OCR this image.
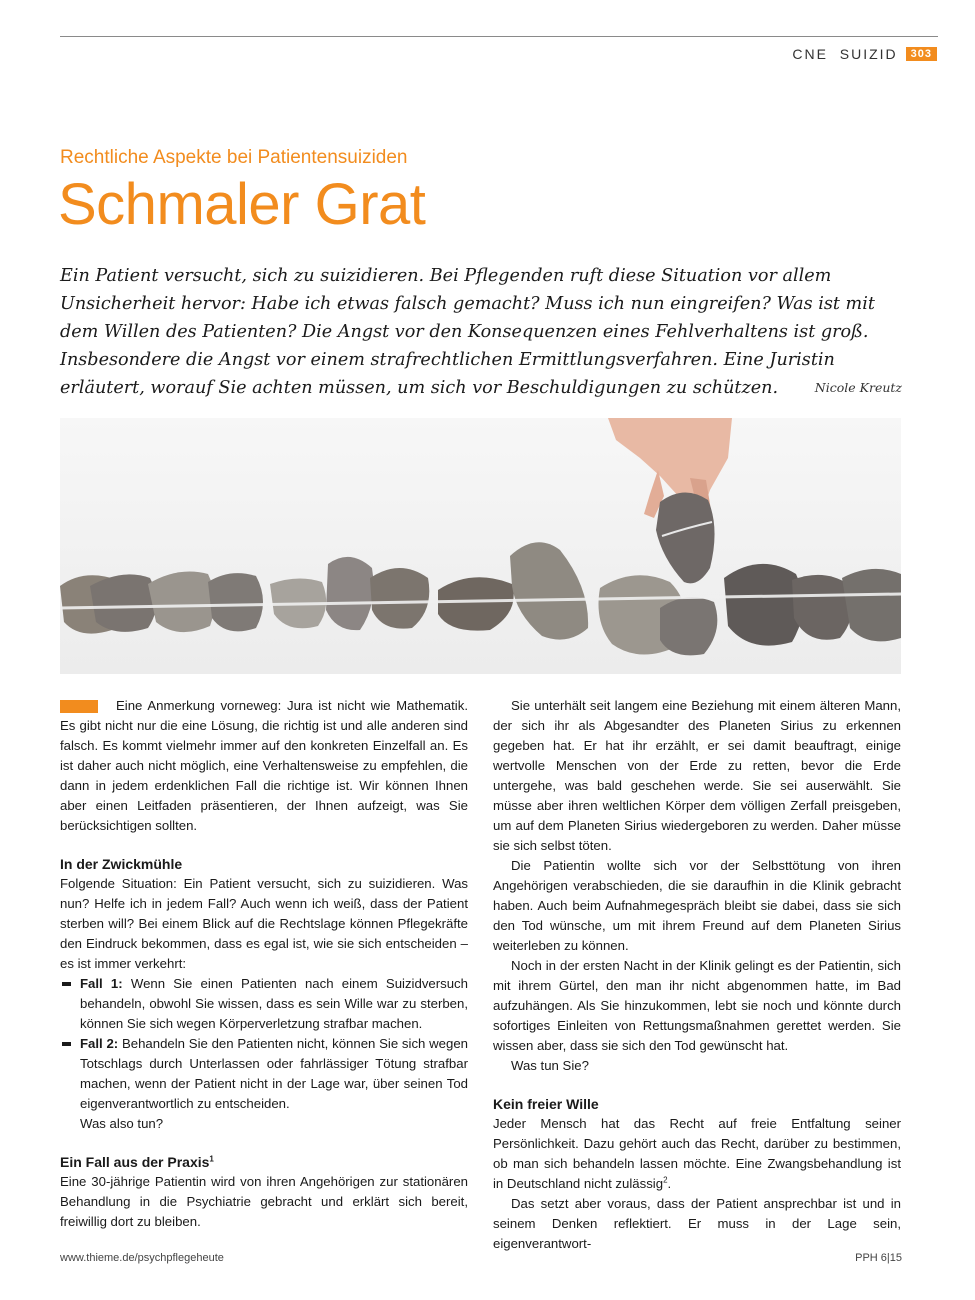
CNE  SUIZID	303
Rechtliche Aspekte bei Patientensuiziden
Schmaler Grat
Ein Patient versucht, sich zu suizidieren. Bei Pflegenden ruft diese Situation vor allem Unsicherheit hervor: Habe ich etwas falsch gemacht? Muss ich nun eingreifen? Was ist mit dem Willen des Patienten? Die Angst vor den Konsequenzen eines Fehlverhaltens ist groß. Insbesondere die Angst vor einem strafrechtlichen Ermittlungsverfahren. Eine Juristin erläutert, worauf Sie achten müssen, um sich vor Beschuldigungen zu schützen.	Nicole Kreutz

Eine Anmerkung vorneweg: Jura ist nicht wie Mathematik. Es gibt nicht nur die eine Lösung, die richtig ist und alle anderen sind falsch. Es kommt vielmehr immer auf den konkreten Einzelfall an. Es ist daher auch nicht möglich, eine Verhaltensweise zu empfehlen, die dann in jedem erdenklichen Fall die richtige ist. Wir können Ihnen aber einen Leitfaden präsentieren, der Ihnen aufzeigt, was Sie berücksichtigen sollten.

In der Zwickmühle

Folgende Situation: Ein Patient versucht, sich zu suizidieren. Was nun? Helfe ich in jedem Fall? Auch wenn ich weiß, dass der Patient sterben will? Bei einem Blick auf die Rechtslage können Pflegekräfte den Eindruck bekommen, dass es egal ist, wie sie sich entscheiden – es ist immer verkehrt:

Fall 1: Wenn Sie einen Patienten nach einem Suizidversuch behandeln, obwohl Sie wissen, dass es sein Wille war zu sterben, können Sie sich wegen Körperverletzung strafbar machen.
Fall 2: Behandeln Sie den Patienten nicht, können Sie sich wegen Totschlags durch Unterlassen oder fahrlässiger Tötung strafbar machen, wenn der Patient nicht in der Lage war, über seinen Tod eigenverantwortlich zu entscheiden.

Was also tun?

Ein Fall aus der Praxis$^1$

Eine 30-jährige Patientin wird von ihren Angehörigen zur stationären Behandlung in die Psychiatrie gebracht und erklärt sich bereit, freiwillig dort zu bleiben.

Sie unterhält seit langem eine Beziehung mit einem älteren Mann, der sich ihr als Abgesandter des Planeten Sirius zu erkennen gegeben hat. Er hat ihr erzählt, er sei damit beauftragt, einige wertvolle Menschen von der Erde zu retten, bevor die Erde untergehe, was bald geschehen werde. Sie sei auserwählt. Sie müsse aber ihren weltlichen Körper dem völligen Zerfall preisgeben, um auf dem Planeten Sirius wiedergeboren zu werden. Daher müsse sie sich selbst töten.

Die Patientin wollte sich vor der Selbsttötung von ihren Angehörigen verabschieden, die sie daraufhin in die Klinik gebracht haben. Auch beim Aufnahmegespräch bleibt sie dabei, dass sie sich den Tod wünsche, um mit ihrem Freund auf dem Planeten Sirius weiterleben zu können.

Noch in der ersten Nacht in der Klinik gelingt es der Patientin, sich mit ihrem Gürtel, den man ihr nicht abgenommen hatte, im Bad aufzuhängen. Als Sie hinzukommen, lebt sie noch und könnte durch sofortiges Einleiten von Rettungsmaßnahmen gerettet werden. Sie wissen aber, dass sie sich den Tod gewünscht hat.

Was tun Sie?

Kein freier Wille

Jeder Mensch hat das Recht auf freie Entfaltung seiner Persönlichkeit. Dazu gehört auch das Recht, darüber zu bestimmen, ob man sich behandeln lassen möchte. Eine Zwangsbehandlung ist in Deutschland nicht zulässig$^2$.

Das setzt aber voraus, dass der Patient ansprechbar ist und in seinem Denken reflektiert. Er muss in der Lage sein, eigenverantwort-

www.thieme.de/psychpflegeheute	PPH 6|15
